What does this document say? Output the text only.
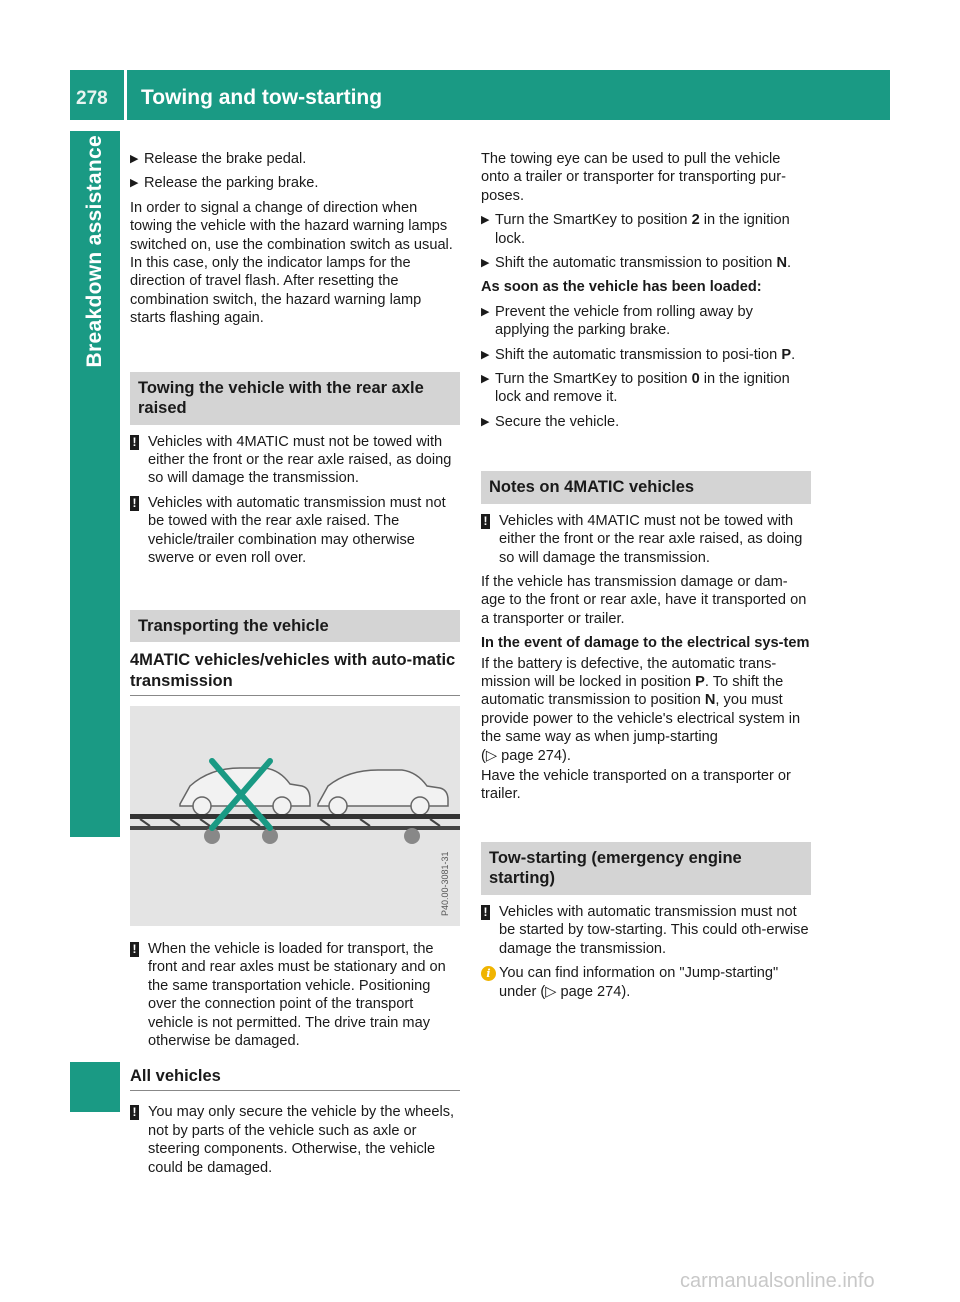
278	Towing and tow-starting
Breakdown assistance	▶ Release the brake pedal.
▶ Release the parking brake.

In order to signal a change of direction when towing the vehicle with the hazard warning lamps switched on, use the combination switch as usual. In this case, only the indicator lamps for the direction of travel flash. After resetting the combination switch, the hazard warning lamp starts flashing again.

Towing the vehicle with the rear axle raised
! Vehicles with 4MATIC must not be towed with either the front or the rear axle raised, as doing so will damage the transmission.
! Vehicles with automatic transmission must not be towed with the rear axle raised. The vehicle/trailer combination may otherwise swerve or even roll over.
Transporting the vehicle
4MATIC vehicles/vehicles with auto-matic transmission
P40.00-3081-31
! When the vehicle is loaded for transport, the front and rear axles must be stationary and on the same transportation vehicle. Positioning over the connection point of the transport vehicle is not permitted. The drive train may otherwise be damaged.
All vehicles
! You may only secure the vehicle by the wheels, not by parts of the vehicle such as axle or steering components. Otherwise, the vehicle could be damaged.

The towing eye can be used to pull the vehicle onto a trailer or transporter for transporting pur-poses.

▶ Turn the SmartKey to position 2 in the ignition lock.
▶ Shift the automatic transmission to position N.

As soon as the vehicle has been loaded:

▶ Prevent the vehicle from rolling away by applying the parking brake.
▶ Shift the automatic transmission to posi-tion P.
▶ Turn the SmartKey to position 0 in the ignition lock and remove it.
▶ Secure the vehicle.
Notes on 4MATIC vehicles
! Vehicles with 4MATIC must not be towed with either the front or the rear axle raised, as doing so will damage the transmission.

If the vehicle has transmission damage or dam-age to the front or rear axle, have it transported on a transporter or trailer.

In the event of damage to the electrical sys-tem

If the battery is defective, the automatic trans-mission will be locked in position P. To shift the automatic transmission to position N, you must provide power to the vehicle's electrical system in the same way as when jump-starting
(▷ page 274).

Have the vehicle transported on a transporter or trailer.

Tow-starting (emergency engine starting)
! Vehicles with automatic transmission must not be started by tow-starting. This could oth-erwise damage the transmission.
i You can find information on "Jump-starting" under (▷ page 274).
carmanualsonline.info
